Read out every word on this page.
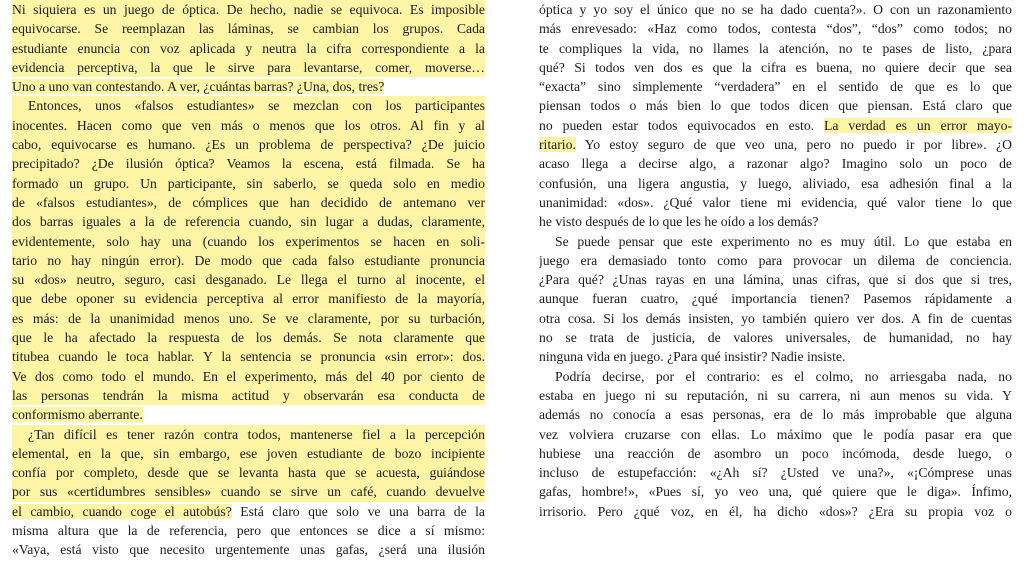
Ni siquiera es un juego de óptica. De hecho, nadie se equivoca. Es imposible
equivocarse. Se reemplazan las láminas, se cambian los grupos. Cada
estudiante enuncia con voz aplicada y neutra la cifra correspondiente a la
evidencia perceptiva, la que le sirve para levantarse, comer, moverse…
Uno a uno van contestando. A ver, ¿cuántas barras? ¿Una, dos, tres?
Entonces, unos «falsos estudiantes» se mezclan con los participantes
inocentes. Hacen como que ven más o menos que los otros. Al fin y al
cabo, equivocarse es humano. ¿Es un problema de perspectiva? ¿De juicio
precipitado? ¿De ilusión óptica? Veamos la escena, está filmada. Se ha
formado un grupo. Un participante, sin saberlo, se queda solo en medio
de «falsos estudiantes», de cómplices que han decidido de antemano ver
dos barras iguales a la de referencia cuando, sin lugar a dudas, claramente,
evidentemente, solo hay una (cuando los experimentos se hacen en soli-
tario no hay ningún error). De modo que cada falso estudiante pronuncia
su «dos» neutro, seguro, casi desganado. Le llega el turno al inocente, el
que debe oponer su evidencia perceptiva al error manifiesto de la mayoría,
es más: de la unanimidad menos uno. Se ve claramente, por su turbación,
que le ha afectado la respuesta de los demás. Se nota claramente que
titubea cuando le toca hablar. Y la sentencia se pronuncia «sin error»: dos.
Ve dos como todo el mundo. En el experimento, más del 40 por ciento de
las personas tendrán la misma actitud y observarán esa conducta de
conformismo aberrante.
¿Tan difícil es tener razón contra todos, mantenerse fiel a la percepción
elemental, en la que, sin embargo, ese joven estudiante de bozo incipiente
confía por completo, desde que se levanta hasta que se acuesta, guiándose
por sus «certidumbres sensibles» cuando se sirve un café, cuando devuelve
el cambio, cuando coge el autobús? Está claro que solo ve una barra de la
misma altura que la de referencia, pero que entonces se dice a sí mismo:
«Vaya, está visto que necesito urgentemente unas gafas, ¿será una ilusión
óptica y yo soy el único que no se ha dado cuenta?». O con un razonamiento
más enrevesado: «Haz como todos, contesta “dos”, “dos” como todos; no
te compliques la vida, no llames la atención, no te pases de listo, ¿para
qué? Si todos ven dos es que la cifra es buena, no quiere decir que sea
“exacta” sino simplemente “verdadera” en el sentido de que es lo que
piensan todos o más bien lo que todos dicen que piensan. Está claro que
no pueden estar todos equivocados en esto. La verdad es un error mayo-
ritario. Yo estoy seguro de que veo una, pero no puedo ir por libre». ¿O
acaso llega a decirse algo, a razonar algo? Imagino solo un poco de
confusión, una ligera angustia, y luego, aliviado, esa adhesión final a la
unanimidad: «dos». ¿Qué valor tiene mi evidencia, qué valor tiene lo que
he visto después de lo que les he oído a los demás?
Se puede pensar que este experimento no es muy útil. Lo que estaba en
juego era demasiado tonto como para provocar un dilema de conciencia.
¿Para qué? ¿Unas rayas en una lámina, unas cifras, que si dos que si tres,
aunque fueran cuatro, ¿qué importancia tienen? Pasemos rápidamente a
otra cosa. Si los demás insisten, yo también quiero ver dos. A fin de cuentas
no se trata de justicia, de valores universales, de humanidad, no hay
ninguna vida en juego. ¿Para qué insistir? Nadie insiste.
Podría decirse, por el contrario: es el colmo, no arriesgaba nada, no
estaba en juego ni su reputación, ni su carrera, ni aun menos su vida. Y
además no conocía a esas personas, era de lo más improbable que alguna
vez volviera cruzarse con ellas. Lo máximo que le podía pasar era que
hubiese una reacción de asombro un poco incómoda, desde luego, o
incluso de estupefacción: «¿Ah sí? ¿Usted ve una?», «¡Cómprese unas
gafas, hombre!», «Pues sí, yo veo una, qué quiere que le diga». Ínfimo,
irrisorio. Pero ¿qué voz, en él, ha dicho «dos»? ¿Era su propia voz o
